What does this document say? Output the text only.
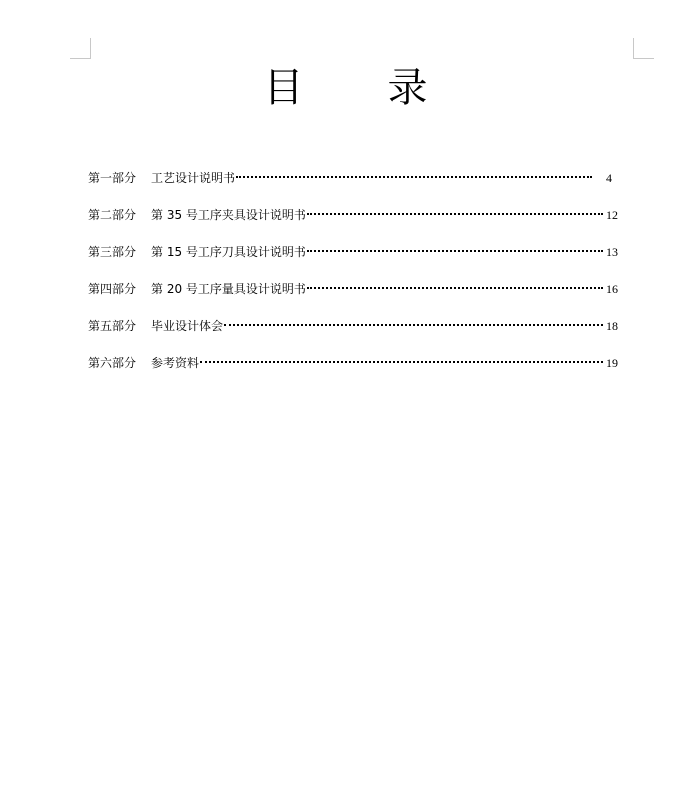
目 录
第一部分	工艺设计说明书	4
第二部分	第 35 号工序夹具设计说明书	12
第三部分	第 15 号工序刀具设计说明书	13
第四部分	第 20 号工序量具设计说明书	16
第五部分	毕业设计体会	18
第六部分	参考资料	19
